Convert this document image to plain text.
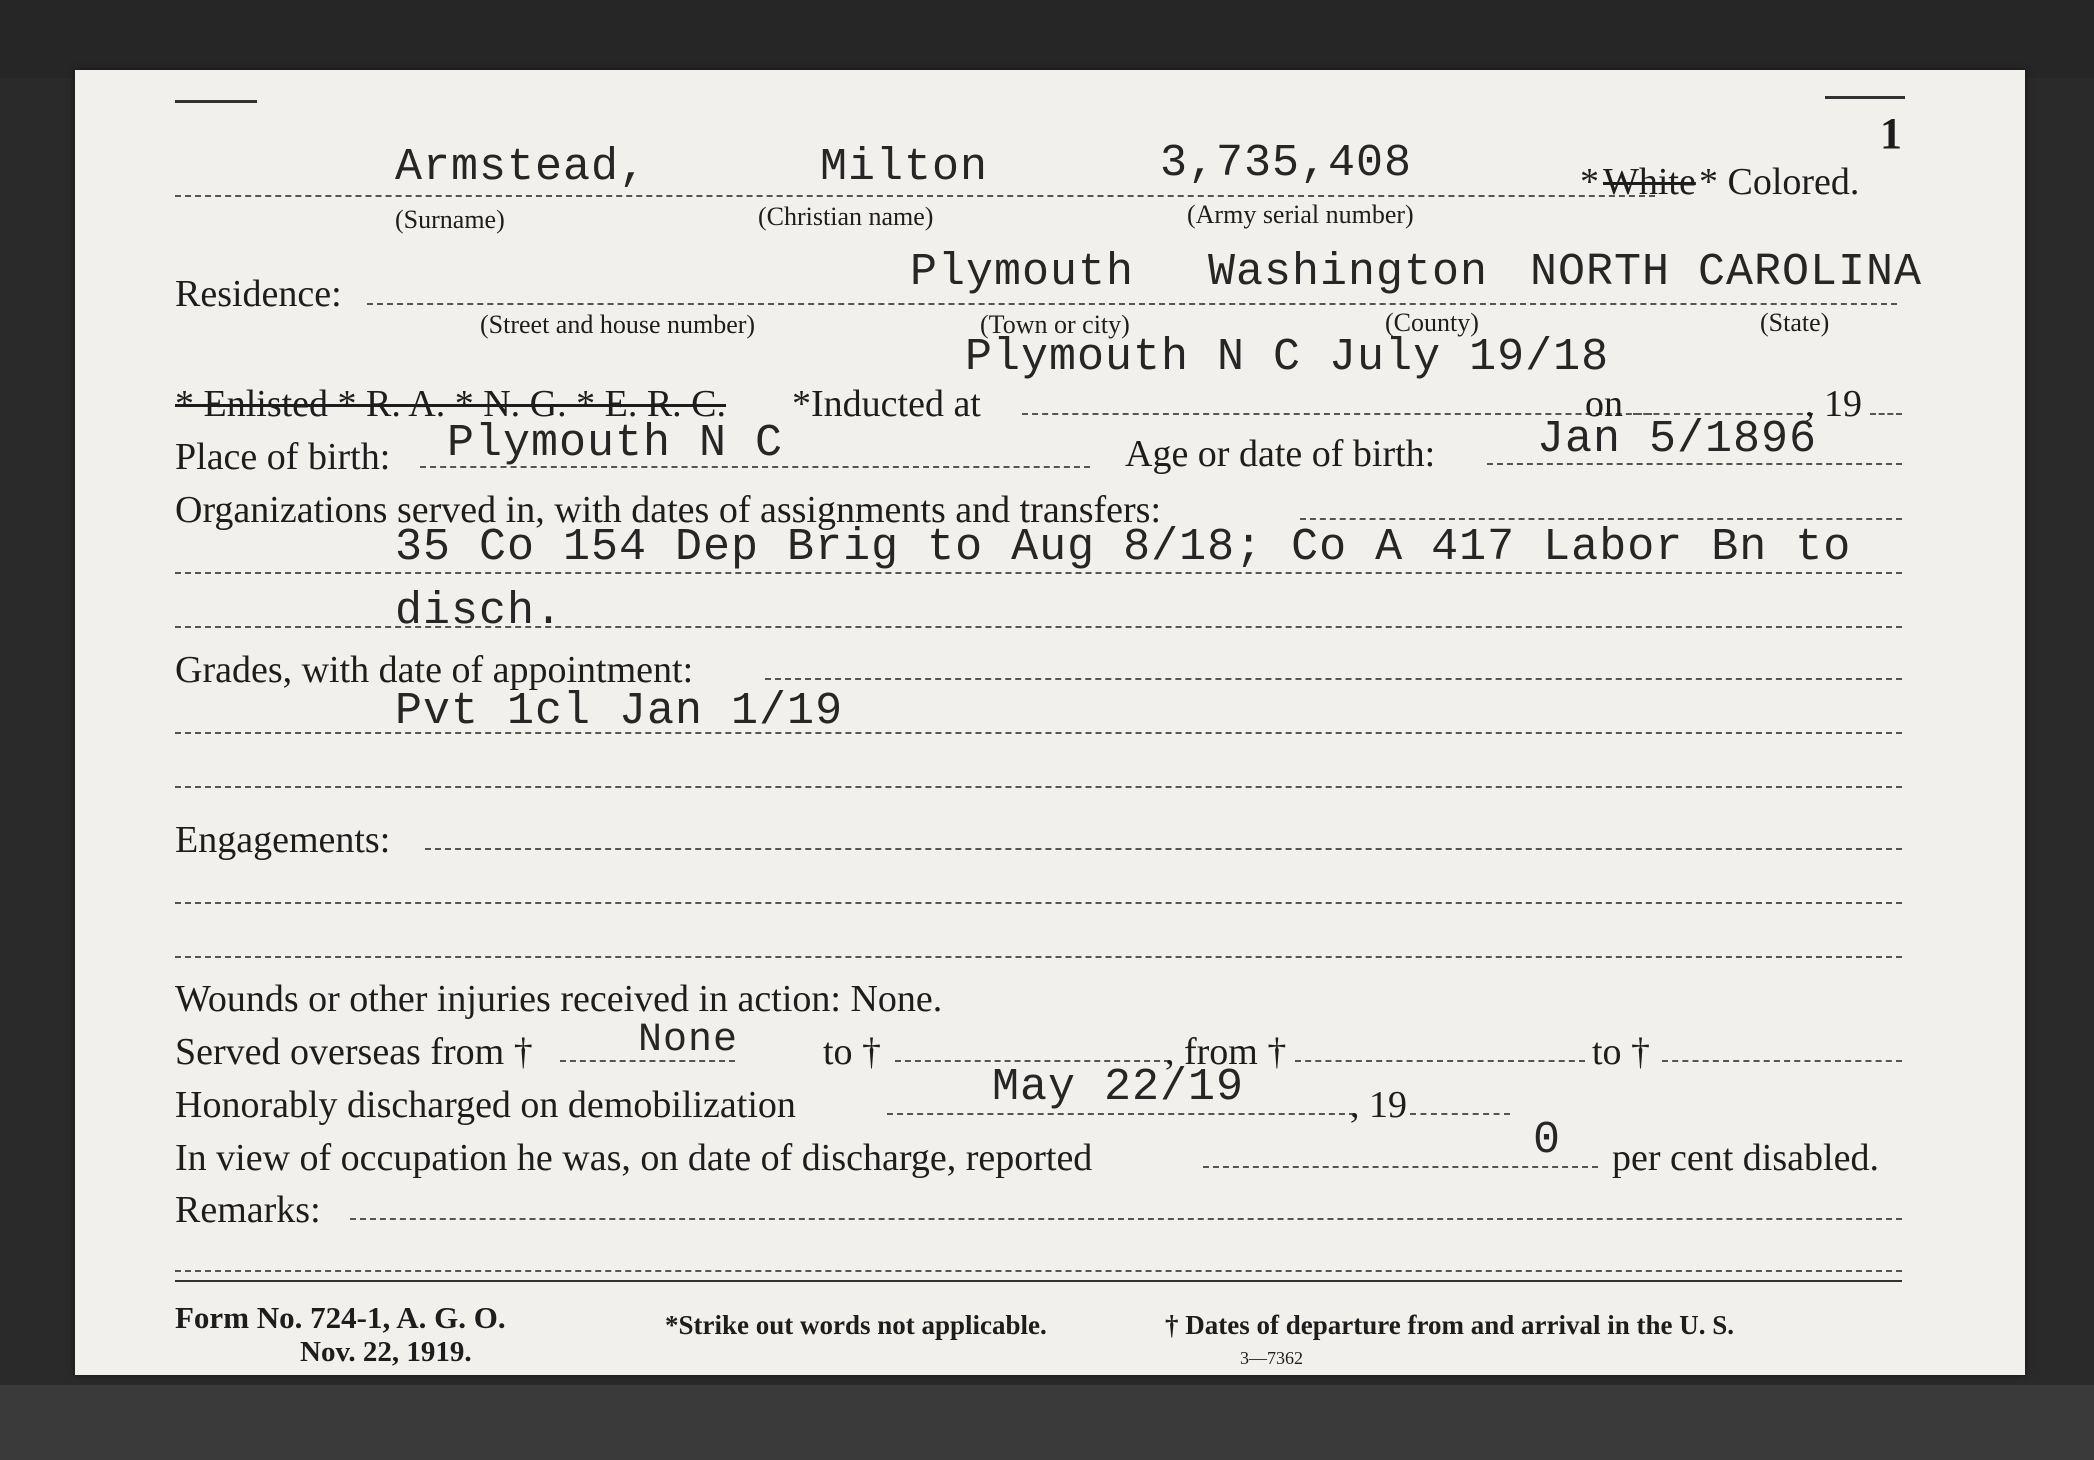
1
Armstead,	Milton	3,735,408	* White * Colored.
(Surname)	(Christian name)	(Army serial number)
Residence:	Plymouth Washington NORTH CAROLINA
(Street and house number)	(Town or city)	(County)	(State)
Plymouth N C July 19/18
* Enlisted * R. A. * N. G. * E. R. C. *Inducted at	on	, 19
Place of birth: Plymouth N C	Age or date of birth: Jan 5/1896
Organizations served in, with dates of assignments and transfers:
35 Co 154 Dep Brig to Aug 8/18; Co A 417 Labor Bn to
disch.
Grades, with date of appointment:
Pvt 1cl Jan 1/19
Engagements:
Wounds or other injuries received in action: None.
Served overseas from †	None to †	, from †	to †
Honorably discharged on demobilization	May 22/19	, 19
In view of occupation he was, on date of discharge, reported	0 per cent disabled.
Remarks:
Form No. 724-1, A. G. O.
Nov. 22, 1919.
*Strike out words not applicable.	† Dates of departure from and arrival in the U. S.
3—7362
